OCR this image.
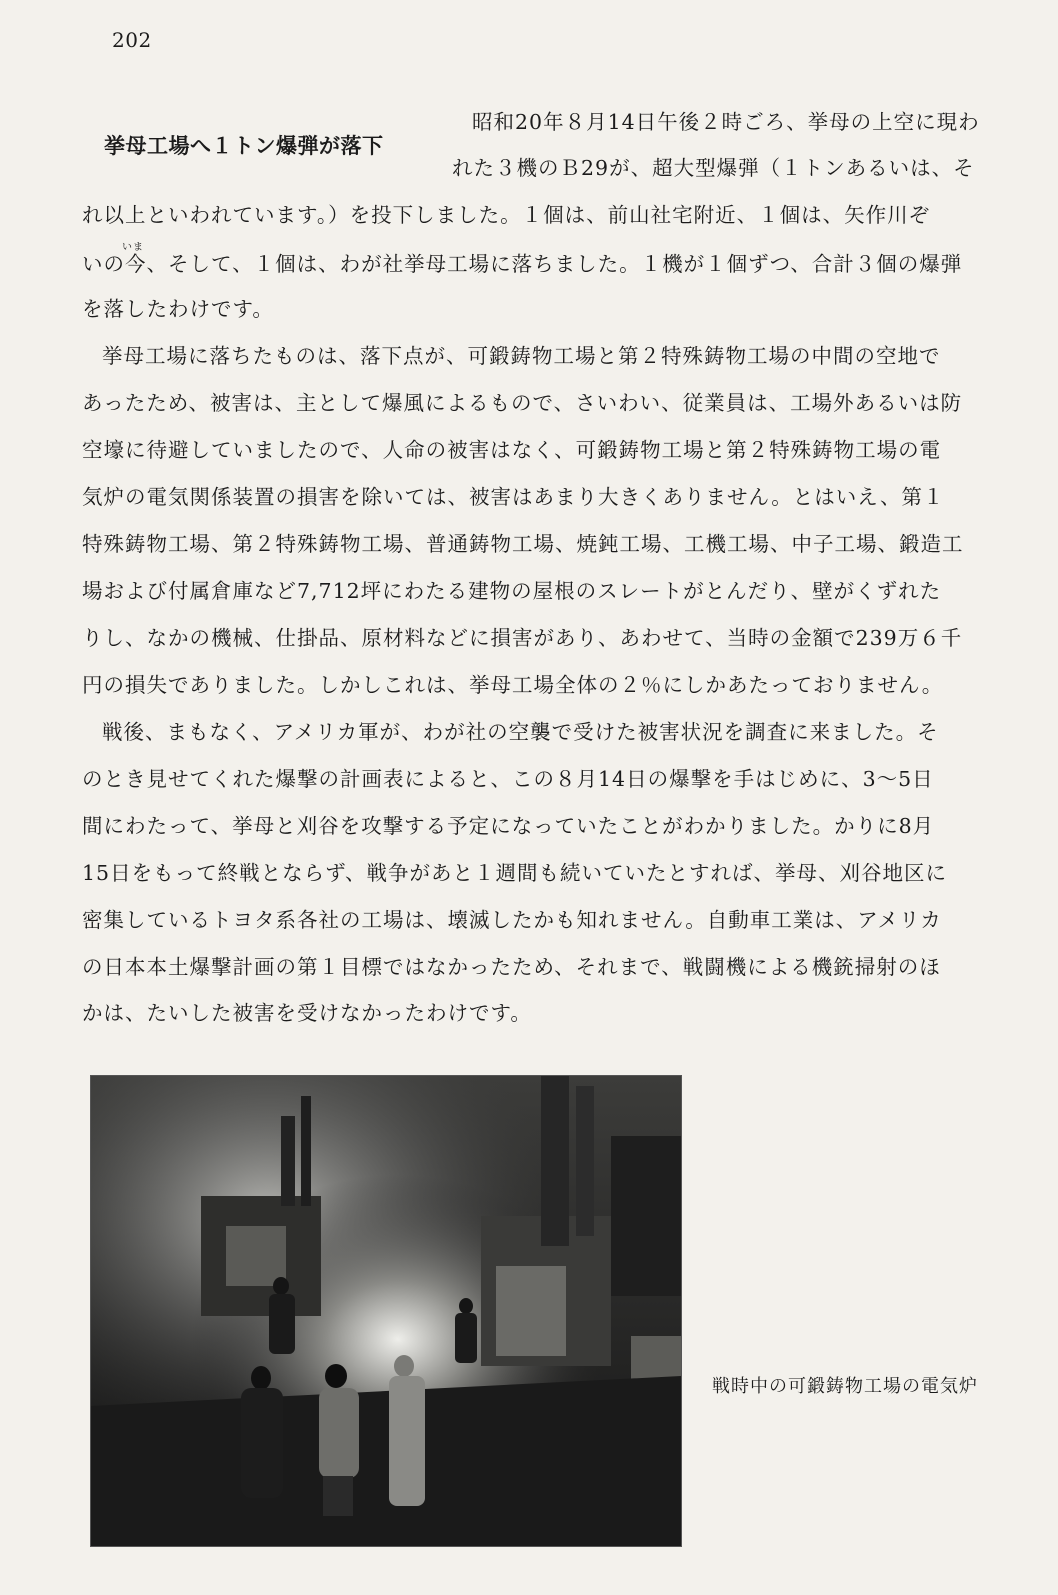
202
挙母工場へ１トン爆弾が落下
昭和20年８月14日午後２時ごろ、挙母の上空に現わ
れた３機のＢ29が、超大型爆弾（１トンあるいは、そ
れ以上といわれています。）を投下しました。１個は、前山社宅附近、１個は、矢作川ぞ
いま
いの今、そして、１個は、わが社挙母工場に落ちました。１機が１個ずつ、合計３個の爆弾
を落したわけです。
挙母工場に落ちたものは、落下点が、可鍛鋳物工場と第２特殊鋳物工場の中間の空地で
あったため、被害は、主として爆風によるもので、さいわい、従業員は、工場外あるいは防
空壕に待避していましたので、人命の被害はなく、可鍛鋳物工場と第２特殊鋳物工場の電
気炉の電気関係装置の損害を除いては、被害はあまり大きくありません。とはいえ、第１
特殊鋳物工場、第２特殊鋳物工場、普通鋳物工場、焼鈍工場、工機工場、中子工場、鍛造工
場および付属倉庫など7,712坪にわたる建物の屋根のスレートがとんだり、壁がくずれた
りし、なかの機械、仕掛品、原材料などに損害があり、あわせて、当時の金額で239万６千
円の損失でありました。しかしこれは、挙母工場全体の２％にしかあたっておりません。
戦後、まもなく、アメリカ軍が、わが社の空襲で受けた被害状況を調査に来ました。そ
のとき見せてくれた爆撃の計画表によると、この８月14日の爆撃を手はじめに、3〜5日
間にわたって、挙母と刈谷を攻撃する予定になっていたことがわかりました。かりに8月
15日をもって終戦とならず、戦争があと１週間も続いていたとすれば、挙母、刈谷地区に
密集しているトヨタ系各社の工場は、壊滅したかも知れません。自動車工業は、アメリカ
の日本本土爆撃計画の第１目標ではなかったため、それまで、戦闘機による機銃掃射のほ
かは、たいした被害を受けなかったわけです。
戦時中の可鍛鋳物工場の電気炉
